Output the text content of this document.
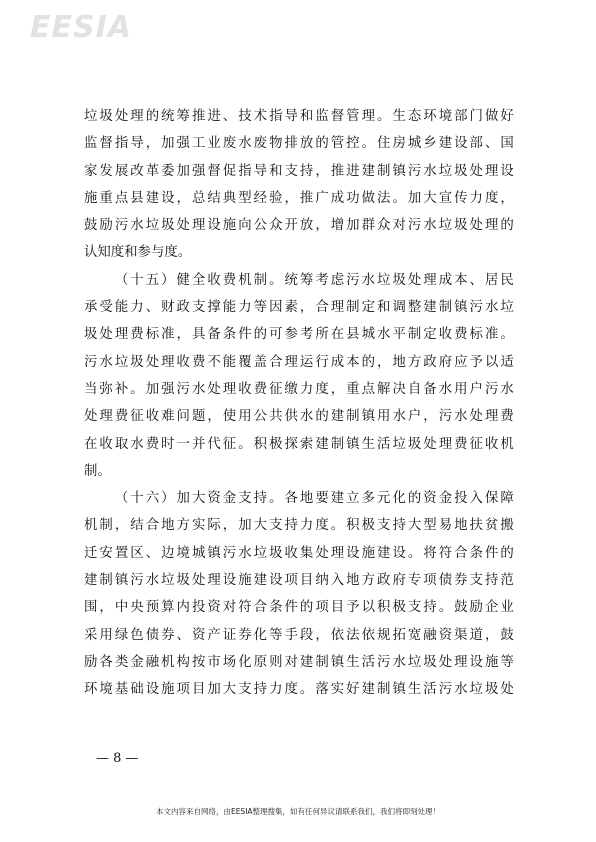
EESIA
垃 圾 处 理 的 统 筹 推 进 、 技 术 指 导 和 监 督 管 理 。 生 态 环 境 部 门 做 好
监 督 指 导 ， 加 强 工 业 废 水 废 物 排 放 的 管 控 。 住 房 城 乡 建 设 部 、 国
家 发 展 改 革 委 加 强 督 促 指 导 和 支 持 ， 推 进 建 制 镇 污 水 垃 圾 处 理 设
施 重 点 县 建 设 ， 总 结 典 型 经 验 ， 推 广 成 功 做 法 。 加 大 宣 传 力 度 ，
鼓 励 污 水 垃 圾 处 理 设 施 向 公 众 开 放 ， 增 加 群 众 对 污 水 垃 圾 处 理 的
认知度和参与度。

（ 十 五 ） 健 全 收 费 机 制 。 统 筹 考 虑 污 水 垃 圾 处 理 成 本 、 居 民
承 受 能 力 、 财 政 支 撑 能 力 等 因 素 ， 合 理 制 定 和 调 整 建 制 镇 污 水 垃
圾 处 理 费 标 准 ， 具 备 条 件 的 可 参 考 所 在 县 城 水 平 制 定 收 费 标 准 。
污 水 垃 圾 处 理 收 费 不 能 覆 盖 合 理 运 行 成 本 的 ， 地 方 政 府 应 予 以 适
当 弥 补 。 加 强 污 水 处 理 收 费 征 缴 力 度 ， 重 点 解 决 自 备 水 用 户 污 水
处 理 费 征 收 难 问 题 ， 使 用 公 共 供 水 的 建 制 镇 用 水 户 ， 污 水 处 理 费
在 收 取 水 费 时 一 并 代 征 。 积 极 探 索 建 制 镇 生 活 垃 圾 处 理 费 征 收 机
制。

（ 十 六 ） 加 大 资 金 支 持 。 各 地 要 建 立 多 元 化 的 资 金 投 入 保 障
机 制 ， 结 合 地 方 实 际 ， 加 大 支 持 力 度 。 积 极 支 持 大 型 易 地 扶 贫 搬
迁 安 置 区 、 边 境 城 镇 污 水 垃 圾 收 集 处 理 设 施 建 设 。 将 符 合 条 件 的
建 制 镇 污 水 垃 圾 处 理 设 施 建 设 项 目 纳 入 地 方 政 府 专 项 债 券 支 持 范
围 ， 中 央 预 算 内 投 资 对 符 合 条 件 的 项 目 予 以 积 极 支 持 。 鼓 励 企 业
采 用 绿 色 债 券 、 资 产 证 券 化 等 手 段 ， 依 法 依 规 拓 宽 融 资 渠 道 ， 鼓
励 各 类 金 融 机 构 按 市 场 化 原 则 对 建 制 镇 生 活 污 水 垃 圾 处 理 设 施 等
环 境 基 础 设 施 项 目 加 大 支 持 力 度 。 落 实 好 建 制 镇 生 活 污 水 垃 圾 处
— 8 —
本文内容来自网络，由EESIA整理搜集，如有任何异议请联系我们，我们将即刻处理！
